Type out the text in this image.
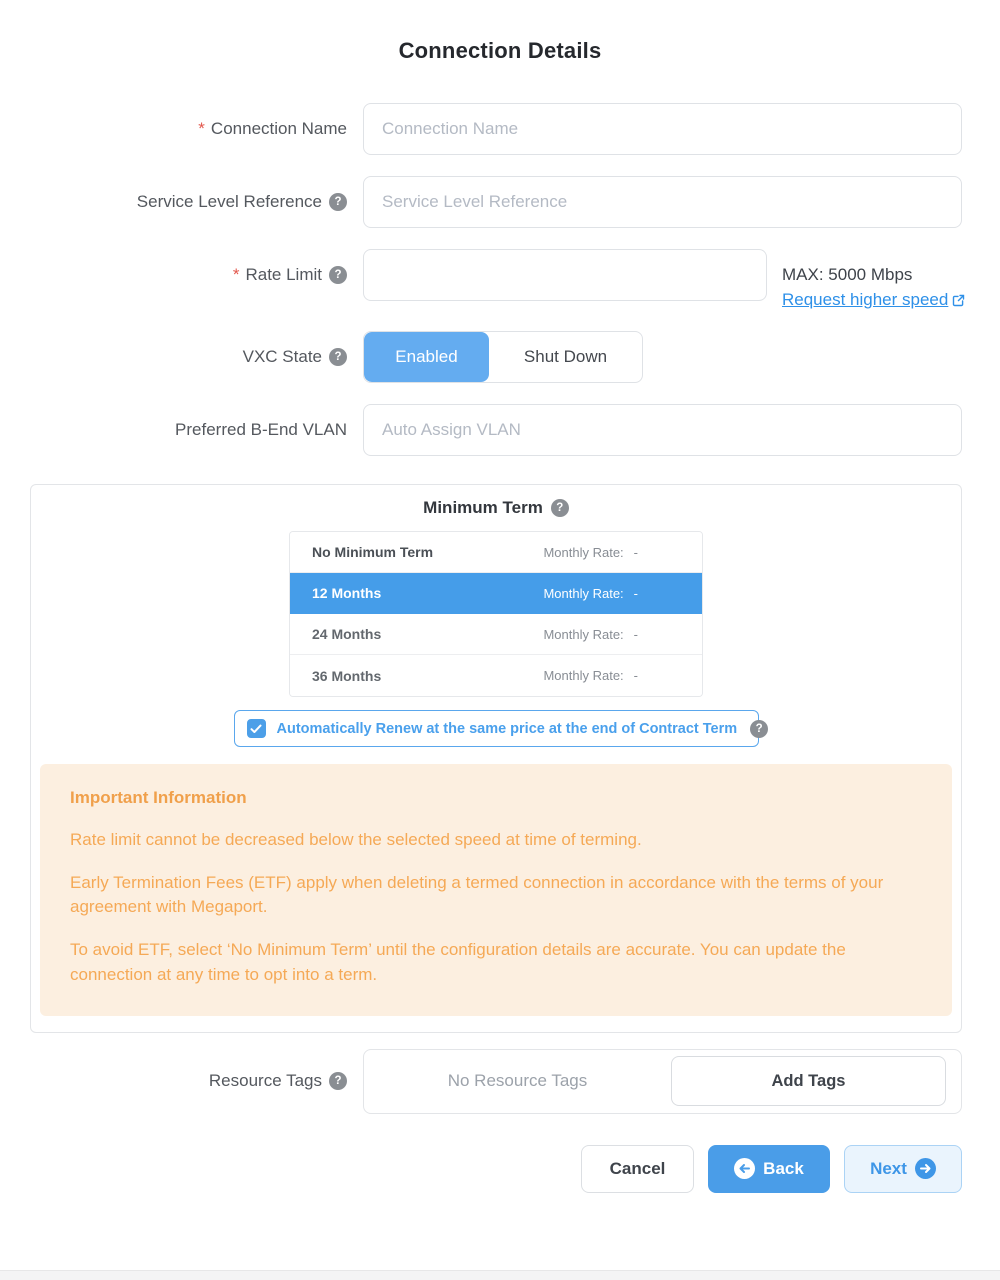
Connection Details
* Connection Name
Connection Name
Service Level Reference	?
Service Level Reference
* Rate Limit	?	MAX: 5000 Mbps
Request higher speed
VXC State	?	Enabled	Shut Down
Preferred B-End VLAN
Auto Assign VLAN
Minimum Term	?
No Minimum Term	Monthly Rate: -
12 Months	Monthly Rate: -
24 Months	Monthly Rate: -
36 Months	Monthly Rate: -
Automatically Renew at the same price at the end of Contract Term	?
Important Information

Rate limit cannot be decreased below the selected speed at time of terming.

Early Termination Fees (ETF) apply when deleting a termed connection in accordance with the terms of your agreement with Megaport.

To avoid ETF, select ‘No Minimum Term’ until the configuration details are accurate. You can update the connection at any time to opt into a term.

Resource Tags	?	No Resource Tags	Add Tags
Cancel	Back	Next
